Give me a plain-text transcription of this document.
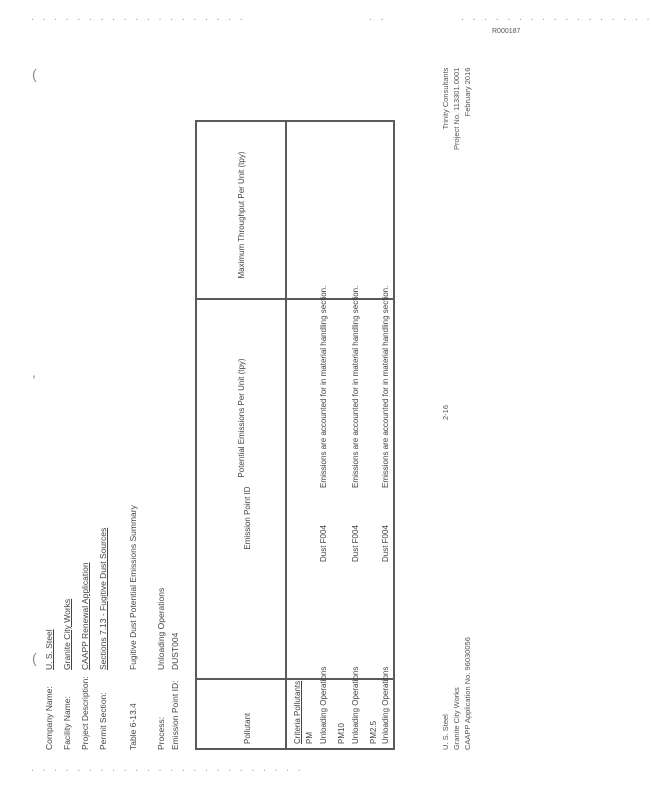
. . . . . . . . . . . . . . . . . . .	. .	. . . . . . . . . . . . . . . . .
. . . . . . . . . . . . . . . . . . . . . . . .
R000187
(
,
(
Company Name:U. S. Steel
Facility Name:Granite City Works
Project Description:CAAPP Renewal Application
Permit Section:Sections 7.13 - Fugitive Dust Sources
Table 6-13.4
Fugitive Dust Potential Emissions Summary
Process:
Unloading Operations
Emission Point ID:
DUST004
Pollutant
Emission Point ID
Potential Emissions Per Unit (tpy)
Maximum Throughput Per Unit (tpy)
Criteria Pollutants PM Unloading Operations
Dust F004
Emissions are accounted for in material handling section.
PM10 Unloading Operations
Dust F004
Emissions are accounted for in material handling section.
PM2.5 Unloading Operations
Dust F004
Emissions are accounted for in material handling section.
U. S. Steel Granite City Works CAAPP Application No. 96030056
2-16
Trinity Consultants Project No. 113301.0001 February 2016
